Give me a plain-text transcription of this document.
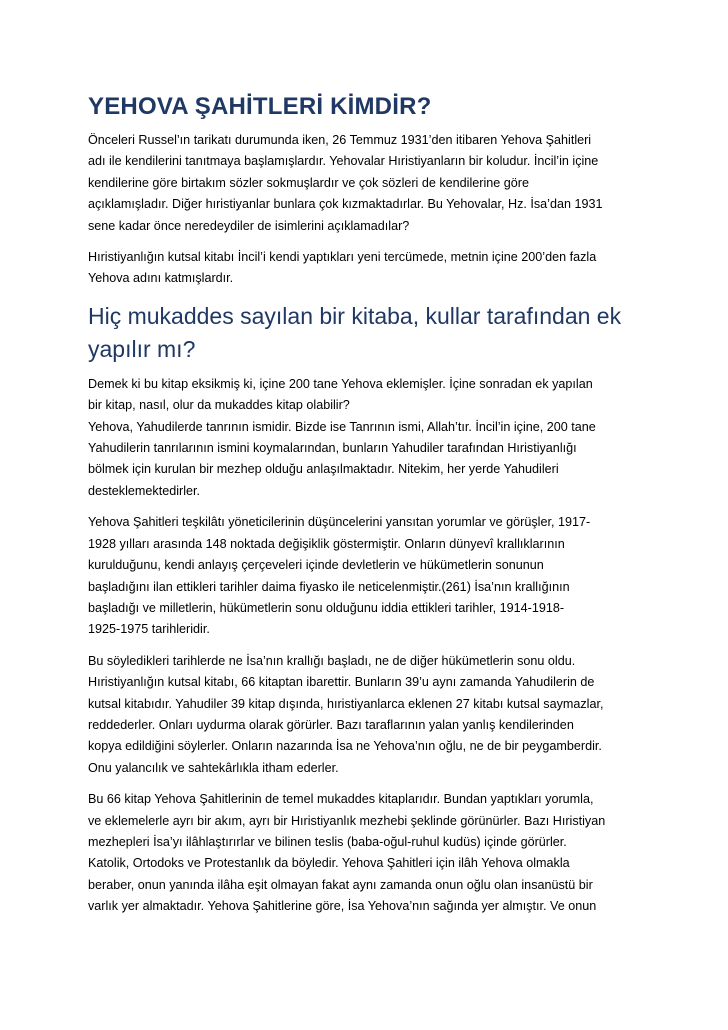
YEHOVA ŞAHİTLERİ KİMDİR?

Önceleri Russel’ın tarikatı durumunda iken, 26 Temmuz 1931’den itibaren Yehova Şahitleri
adı ile kendilerini tanıtmaya başlamışlardır. Yehovalar Hıristiyanların bir koludur. İncil’in içine
kendilerine göre birtakım sözler sokmuşlardır ve çok sözleri de kendilerine göre
açıklamışladır. Diğer hıristiyanlar bunlara çok kızmaktadırlar. Bu Yehovalar, Hz. İsa’dan 1931
sene kadar önce neredeydiler de isimlerini açıklamadılar?

Hıristiyanlığın kutsal kitabı İncil’i kendi yaptıkları yeni tercümede, metnin içine 200’den fazla
Yehova adını katmışlardır.

Hiç mukaddes sayılan bir kitaba, kullar tarafından ek
yapılır mı?

Demek ki bu kitap eksikmiş ki, içine 200 tane Yehova eklemişler. İçine sonradan ek yapılan
bir kitap, nasıl, olur da mukaddes kitap olabilir?
Yehova, Yahudilerde tanrının ismidir. Bizde ise Tanrının ismi, Allah’tır. İncil’in içine, 200 tane
Yahudilerin tanrılarının ismini koymalarından, bunların Yahudiler tarafından Hıristiyanlığı
bölmek için kurulan bir mezhep olduğu anlaşılmaktadır. Nitekim, her yerde Yahudileri
desteklemektedirler.

Yehova Şahitleri teşkilâtı yöneticilerinin düşüncelerini yansıtan yorumlar ve görüşler, 1917-
1928 yılları arasında 148 noktada değişiklik göstermiştir. Onların dünyevî krallıklarının
kurulduğunu, kendi anlayış çerçeveleri içinde devletlerin ve hükümetlerin sonunun
başladığını ilan ettikleri tarihler daima fiyasko ile neticelenmiştir.(261) İsa’nın krallığının
başladığı ve milletlerin, hükümetlerin sonu olduğunu iddia ettikleri tarihler, 1914-1918-
1925-1975 tarihleridir.

Bu söyledikleri tarihlerde ne İsa’nın krallığı başladı, ne de diğer hükümetlerin sonu oldu.
Hıristiyanlığın kutsal kitabı, 66 kitaptan ibarettir. Bunların 39’u aynı zamanda Yahudilerin de
kutsal kitabıdır. Yahudiler 39 kitap dışında, hıristiyanlarca eklenen 27 kitabı kutsal saymazlar,
reddederler. Onları uydurma olarak görürler. Bazı taraflarının yalan yanlış kendilerinden
kopya edildiğini söylerler. Onların nazarında İsa ne Yehova’nın oğlu, ne de bir peygamberdir.
Onu yalancılık ve sahtekârlıkla itham ederler.

Bu 66 kitap Yehova Şahitlerinin de temel mukaddes kitaplarıdır. Bundan yaptıkları yorumla,
ve eklemelerle ayrı bir akım, ayrı bir Hıristiyanlık mezhebi şeklinde görünürler. Bazı Hıristiyan
mezhepleri İsa’yı ilâhlaştırırlar ve bilinen teslis (baba-oğul-ruhul kudüs) içinde görürler.
Katolik, Ortodoks ve Protestanlık da böyledir. Yehova Şahitleri için ilâh Yehova olmakla
beraber, onun yanında ilâha eşit olmayan fakat aynı zamanda onun oğlu olan insanüstü bir
varlık yer almaktadır. Yehova Şahitlerine göre, İsa Yehova’nın sağında yer almıştır. Ve onun
